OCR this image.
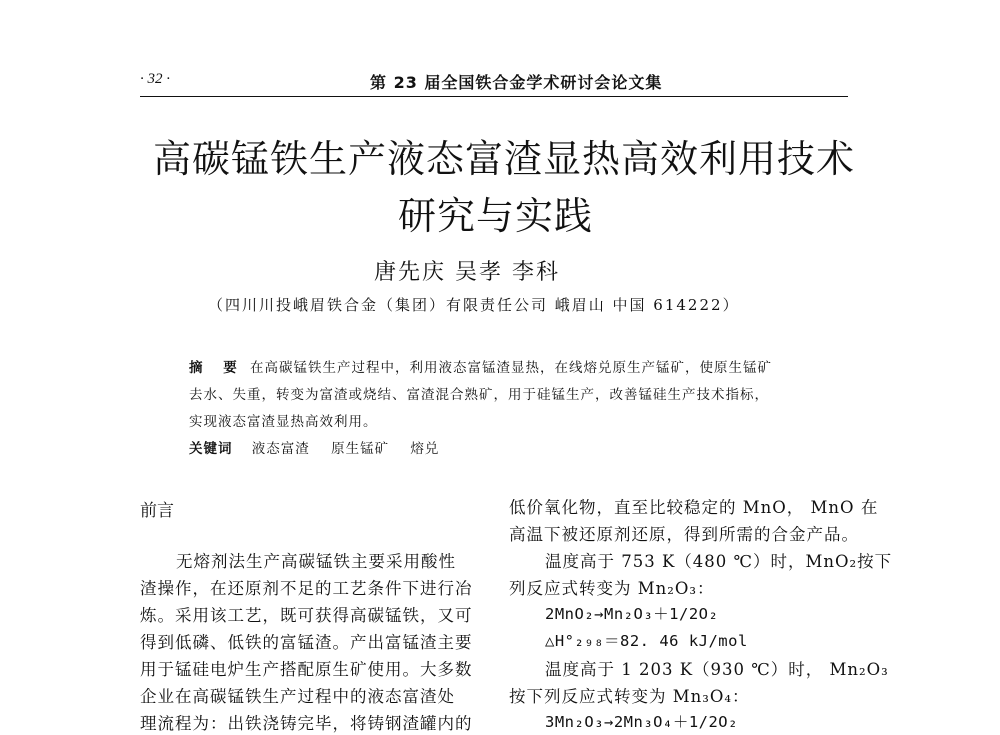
· 32 ·	第 23 届全国铁合金学术研讨会论文集
高碳锰铁生产液态富渣显热高效利用技术
研究与实践
唐先庆 吴孝 李科
（四川川投峨眉铁合金（集团）有限责任公司 峨眉山 中国 614222）
摘 要 在高碳锰铁生产过程中，利用液态富锰渣显热，在线熔兑原生产锰矿，使原生锰矿
去水、失重，转变为富渣或烧结、富渣混合熟矿，用于硅锰生产，改善锰硅生产技术指标，
实现液态富渣显热高效利用。
关键词 液态富渣 原生锰矿 熔兑
前言
无熔剂法生产高碳锰铁主要采用酸性
渣操作，在还原剂不足的工艺条件下进行冶
炼。采用该工艺，既可获得高碳锰铁，又可
得到低磷、低铁的富锰渣。产出富锰渣主要
用于锰硅电炉生产搭配原生矿使用。大多数
企业在高碳锰铁生产过程中的液态富渣处
理流程为：出铁浇铸完毕，将铸钢渣罐内的
低价氧化物，直至比较稳定的 MnO， MnO 在
高温下被还原剂还原，得到所需的合金产品。
温度高于 753 K（480 ℃）时，MnO₂按下
列反应式转变为 Mn₂O₃：
2MnO₂→Mn₂O₃＋1/2O₂
△H°₂₉₈＝82. 46 kJ/mol
温度高于 1 203 K（930 ℃）时， Mn₂O₃
按下列反应式转变为 Mn₃O₄：
3Mn₂O₃→2Mn₃O₄＋1/2O₂
